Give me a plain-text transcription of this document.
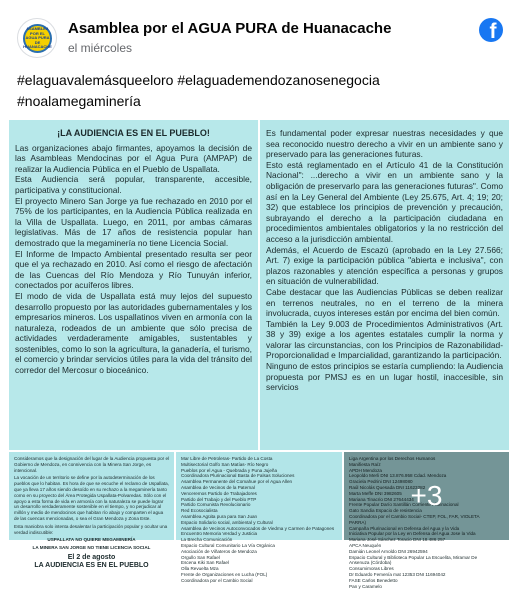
ASAMBLEA POR EL
AGUA PURA
DE HUANACACHE
Asamblea por el AGUA PURA de Huanacache
el miércoles
f
#elaguavalemásqueeloro #elaguademendozanosenegocia
#noalamegaminería
¡LA AUDIENCIA ES EN EL PUEBLO!

Las organizaciones abajo firmantes, apoyamos la decisión de las Asambleas Mendocinas por el Agua Pura (AMPAP) de realizar la Audiencia Pública en el Pueblo de Uspallata.

Esta Audiencia será popular, transparente, accesible, participativa y constitucional.

El proyecto Minero San Jorge ya fue rechazado en 2010 por el 75% de los participantes, en la Audiencia Pública realizada en la Villa de Uspallata. Luego, en 2011, por ambas cámaras legislativas. Más de 17 años de resistencia popular han demostrado que la megaminería no tiene Licencia Social.

El Informe de Impacto Ambiental presentado resulta ser peor que el ya rechazado en 2010. Así como el riesgo de afectación de las Cuencas del Río Mendoza y Río Tunuyán inferior, conectados por acuíferos libres.

El modo de vida de Uspallata está muy lejos del supuesto desarrollo propuesto por las autoridades gubernamentales y los empresarios mineros. Los uspallatinos viven en armonía con la naturaleza, rodeados de un ambiente que sólo precisa de actividades verdaderamente amigables, sustentables y sostenibles, como lo son la agricultura, la ganadería, el turismo, el comercio y brindar servicios útiles para la vida del tránsito del corredor del Mercosur o bioceánico.

Es fundamental poder expresar nuestras necesidades y que sea reconocido nuestro derecho a vivir en un ambiente sano y preservado para las generaciones futuras.

Esto está reglamentado en el Artículo 41 de la Constitución Nacional": ...derecho a vivir en un ambiente sano y la obligación de preservarlo para las generaciones futuras". Como así en la Ley General del Ambiente (Ley 25.675, Art. 4; 19; 20; 32) que establece los principios de prevención y precaución, subrayando el derecho a la participación ciudadana en procedimientos ambientales obligatorios y la no restricción del acceso a la jurisdicción ambiental.

Además, el Acuerdo de Escazú (aprobado en la Ley 27.566; Art. 7) exige la participación pública "abierta e inclusiva", con plazos razonables y atención específica a personas y grupos en situación de vulnerabilidad.

Cabe destacar que las Audiencias Públicas se deben realizar en terrenos neutrales, no en el terreno de la minera involucrada, cuyos intereses están por encima del bien común.

También la Ley 9.003 de Procedimientos Administrativos (Art. 38 y 39) exige a los agentes estatales cumplir la norma y valorar las circunstancias, con los Principios de Razonabilidad- Proporcionalidad e Imparcialidad, garantizando la participación.

Ninguno de estos principios se estaría cumpliendo: la Audiencia propuesta por PMSJ es en un lugar hostil, inaccesible, sin servicios

Consideramos que la designación del lugar de la Audiencia propuesta por el Gobierno de Mendoza, en connivencia con la Minera San Jorge, es intencional.

La vocación de un territorio se define por la autodeterminación de los pueblos que lo habitan. Es hora de que se escuche el reclamo de Uspallata, que ya lleva 17 años siendo desoído en su rechazo a la megaminería tanto como en su proyecto del Área Protegida Uspallata-Polvaredas. Sólo con el apoyo a esta forma de vida en armonía con la naturaleza se puede lograr un desarrollo verdaderamente sostenible en el tiempo, y no perjudicar al millón y medio de mendocinos que habitan río abajo y comparten el agua de las cuencas mencionadas, o sea el Gran Mendoza y Zona Este.

Esta maniobra solo intenta desalentar la participación popular y ocultar una verdad indiscutible:

USPALLATA NO QUIERE MEGAMINERÍA

LA MINERA SAN JORGE NO TIENE LICENCIA SOCIAL

El 2 de agosto
LA AUDIENCIA ES EN EL PUEBLO
Mar Libre de Petroleras- Partido de La Costa
Multisectorial Golfo San Matías- Río Negro
Pueblos por el Agua - Quebrada y Puna Jujeña
Coordinadora Plurinacional Basta de Falsas Soluciones
Asamblea Permanente del Comahue por el Agua Allen
Asamblea de Vecinos de la Paternal
Venceremos Partido de Trabajadores
Partido del Trabajo y del Pueblo PTP
Partido Comunista Revolucionario
Red Ecosocialista
Asamblea Agüita pura para San Juan
Espacio Solidario social, ambiental y Cultural
Asamblea de Vecinos Autoconvocados de Viedma y Carmen de Patagones
Encuentro Memoria Verdad y Justicia
La Brecha Comunicación
Espacio Cultural Comunitario La Vía Orgánica
Asociación de Viñateros de Mendoza
Orgullo San Rafael
Escena Kiki San Rafael
Olla Revuelta Mza
Frente de Organizaciones en Lucha (FOL)
Coordinadora por el Cambio Social
Liga Argentina por los Derechos Humanos
Manifiesta Raíz
APDH Mendoza
Leopoldo Merli DNI 13.876.958 Cdad. Mendoza
Graciela Pedrini DNI 12498080
Raúl Nicolás Quesada DNI 11623282
Marta Meffe DNI 3982605
Mariana Tinacrio DNI 27644434
Frente Popular Darío Santillán Corriente Plurinacional
Gato Sandia Espacio de resistencia
Coordinadora por el Cambio Social- CTEP, FOL, FAR, VIOLETA
PARRA)
Campaña Plurinacional en Defensa del Agua y la Vida
Iniciativa Popular por la Ley en Defensa del Agua Jose la Vida
Mariana José Sánchez Toracio DNI 18.486.257
APCA Neuquén
Damián Leonel Arnoldo DNI 26942594
Espacio Cultural y Biblioteca Popular La Escuelita, Miramar De
Ansenuza (Córdoba)
Consumimoras Libres
Dr Eduardo Femenía mat 12353 DNI 11694042
FASE Carlos Benedetto
Pan y Caramelo
+3
